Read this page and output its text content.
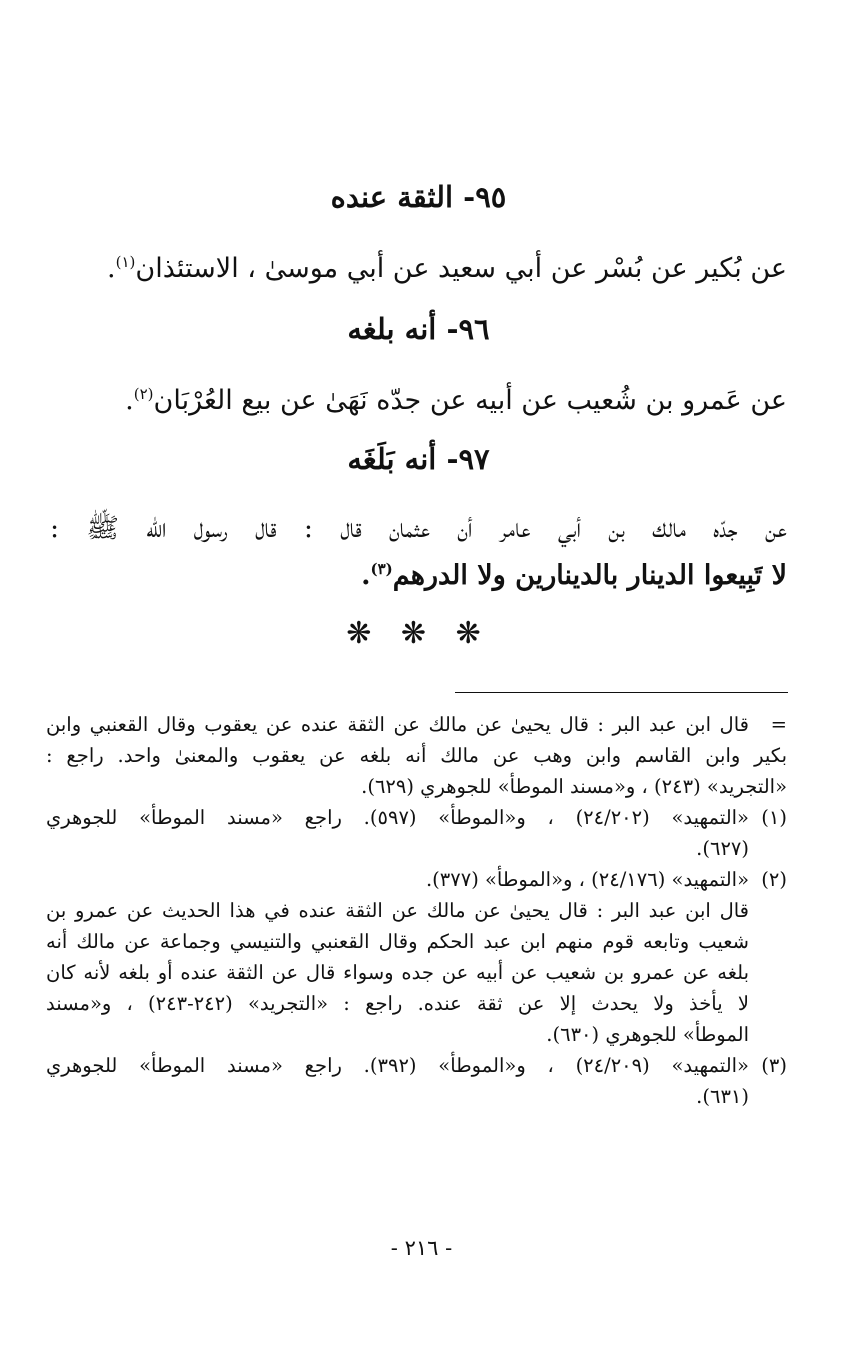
٩٥- الثقة عنده
عن بُكير عن بُسْر عن أبي سعيد عن أبي موسىٰ ، الاستئذان$^{(١)}$.
٩٦- أنه بلغه
عن عَمرو بن شُعيب عن أبيه عن جدّه نَهَىٰ عن بيع العُرْبَان$^{(٢)}$.
٩٧- أنه بَلَغَه
عن جدّه مالك بن أبي عامر أن عثمان قال : قال رسول اللّٰه ﷺ :
لا تَبِيعوا الدينار بالدينارين ولا الدرهم$^{(٣)}$.
❋ ❋ ❋
=
قال ابن عبد البر : قال يحيىٰ عن مالك عن الثقة عنده عن يعقوب وقال القعنبي وابن
بكير وابن القاسم وابن وهب عن مالك أنه بلغه عن يعقوب والمعنىٰ واحد. راجع :
«التجريد» (٢٤٣) ، و«مسند الموطأ» للجوهري (٦٢٩).
(١)
«التمهيد» (٢٤/٢٠٢) ، و«الموطأ» (٥٩٧). راجع «مسند الموطأ» للجوهري
(٦٢٧).
(٢)
«التمهيد» (٢٤/١٧٦) ، و«الموطأ» (٣٧٧).
قال ابن عبد البر : قال يحيىٰ عن مالك عن الثقة عنده في هذا الحديث عن عمرو بن
شعيب وتابعه قوم منهم ابن عبد الحكم وقال القعنبي والتنيسي وجماعة عن مالك أنه
بلغه عن عمرو بن شعيب عن أبيه عن جده وسواء قال عن الثقة عنده أو بلغه لأنه كان
لا يأخذ ولا يحدث إلا عن ثقة عنده. راجع : «التجريد» (٢٤٢-٢٤٣) ، و«مسند
الموطأ» للجوهري (٦٣٠).
(٣)
«التمهيد» (٢٤/٢٠٩) ، و«الموطأ» (٣٩٢). راجع «مسند الموطأ» للجوهري
(٦٣١).
- ٢١٦ -
